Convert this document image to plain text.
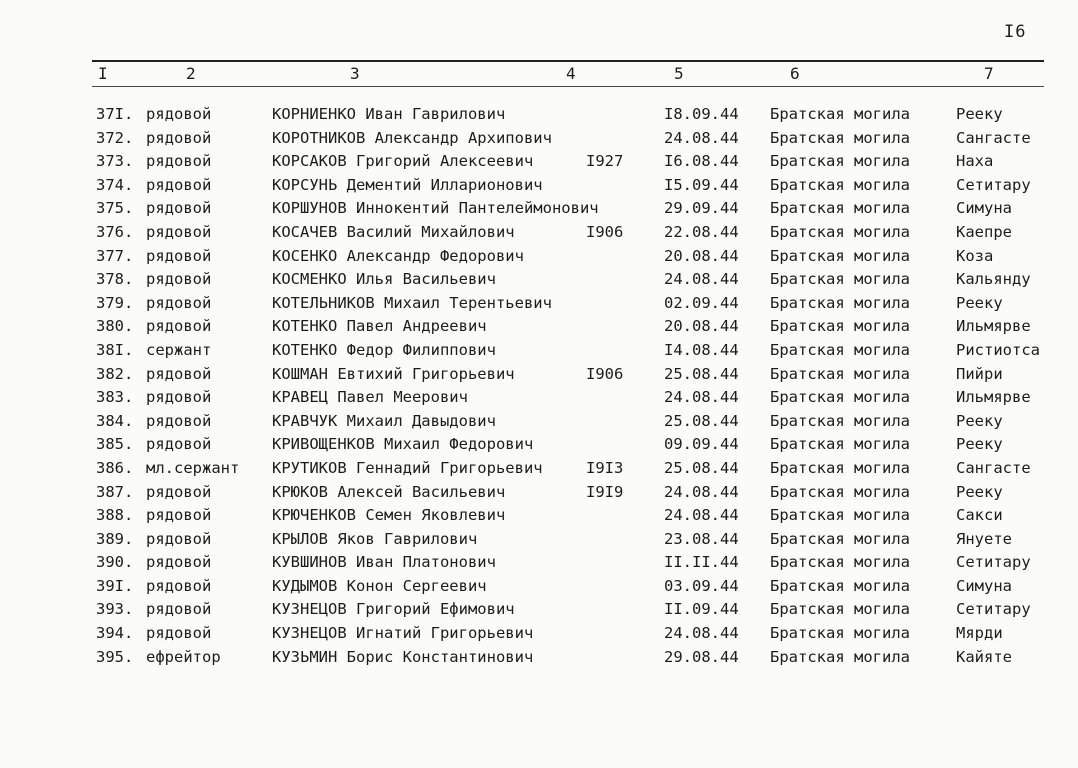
I6
I	2	3	4	5	6	7
37I. рядовой	КОРНИЕНКО Иван Гаврилович	I8.09.44 Братская могила	Рееку
372. рядовой	КОРОТНИКОВ Александр Архипович	24.08.44 Братская могила	Сангасте
373. рядовой	КОРСАКОВ Григорий Алексеевич	I927	I6.08.44 Братская могила	Наха
374. рядовой	КОРСУНЬ Дементий Илларионович	I5.09.44 Братская могила	Сетитару
375. рядовой	КОРШУНОВ Иннокентий Пантелеймонович	29.09.44 Братская могила	Симуна
376. рядовой	КОСАЧЕВ Василий Михайлович	I906	22.08.44 Братская могила	Каепре
377. рядовой	КОСЕНКО Александр Федорович	20.08.44 Братская могила	Коза
378. рядовой	КОСМЕНКО Илья Васильевич	24.08.44 Братская могила	Кальянду
379. рядовой	КОТЕЛЬНИКОВ Михаил Терентьевич	02.09.44 Братская могила	Рееку
380. рядовой	КОТЕНКО Павел Андреевич	20.08.44 Братская могила	Ильмярве
38I. сержант	КОТЕНКО Федор Филиппович	I4.08.44 Братская могила	Ристиотса
382. рядовой	КОШМАН Евтихий Григорьевич	I906	25.08.44 Братская могила	Пийри
383. рядовой	КРАВЕЦ Павел Меерович	24.08.44 Братская могила	Ильмярве
384. рядовой	КРАВЧУК Михаил Давыдович	25.08.44 Братская могила	Рееку
385. рядовой	КРИВОЩЕНКОВ Михаил Федорович	09.09.44 Братская могила	Рееку
386. мл.сержант КРУТИКОВ Геннадий Григорьевич	I9I3	25.08.44 Братская могила	Сангасте
387. рядовой	КРЮКОВ Алексей Васильевич	I9I9	24.08.44 Братская могила	Рееку
388. рядовой	КРЮЧЕНКОВ Семен Яковлевич	24.08.44 Братская могила	Сакси
389. рядовой	КРЫЛОВ Яков Гаврилович	23.08.44 Братская могила	Януете
390. рядовой	КУВШИНОВ Иван Платонович	II.II.44 Братская могила	Сетитару
39I. рядовой	КУДЫМОВ Конон Сергеевич	03.09.44 Братская могила	Симуна
393. рядовой	КУЗНЕЦОВ Григорий Ефимович	II.09.44 Братская могила	Сетитару
394. рядовой	КУЗНЕЦОВ Игнатий Григорьевич	24.08.44 Братская могила	Мярди
395. ефрейтор	КУЗЬМИН Борис Константинович	29.08.44 Братская могила	Кайяте
